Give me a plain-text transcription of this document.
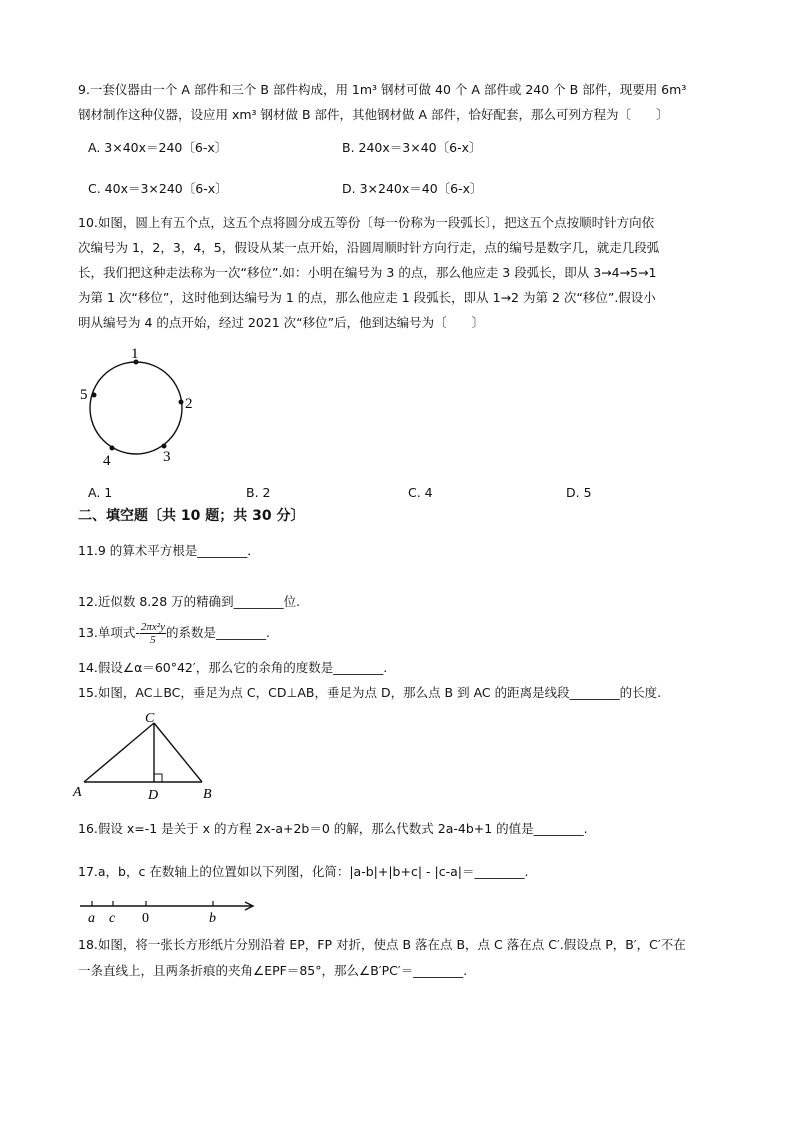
9.一套仪器由一个 A 部件和三个 B 部件构成，用 1m³ 钢材可做 40 个 A 部件或 240 个 B 部件，现要用 6m³
钢材制作这种仪器，设应用 xm³ 钢材做 B 部件，其他钢材做 A 部件，恰好配套，那么可列方程为〔　　〕
A. 3×40x＝240〔6-x〕	B. 240x＝3×40〔6-x〕
C. 40x＝3×240〔6-x〕	D. 3×240x＝40〔6-x〕
10.如图，圆上有五个点，这五个点将圆分成五等份〔每一份称为一段弧长〕，把这五个点按顺时针方向依
次编号为 1，2，3，4，5，假设从某一点开始，沿圆周顺时针方向行走，点的编号是数字几，就走几段弧
长，我们把这种走法称为一次“移位”.如：小明在编号为 3 的点，那么他应走 3 段弧长，即从 3→4→5→1
为第 1 次“移位”，这时他到达编号为 1 的点，那么他应走 1 段弧长，即从 1→2 为第 2 次“移位”.假设小
明从编号为 4 的点开始，经过 2021 次“移位”后，他到达编号为〔　　〕
1
2
3
4
5
A. 1	B. 2	C. 4	D. 5
二、填空题〔共 10 题；共 30 分〕
11.9 的算术平方根是________．
12.近似数 8.28 万的精确到________位.
13.单项式- $\frac{\text{2πx²y}}{5}$ 的系数是________.
14.假设∠α＝60°42′，那么它的余角的度数是________.
15.如图，AC⊥BC，垂足为点 C，CD⊥AB，垂足为点 D，那么点 B 到 AC 的距离是线段________的长度.
C
A	D	B
16.假设 x=-1 是关于 x 的方程 2x-a+2b＝0 的解，那么代数式 2a-4b+1 的值是________.
17.a，b，c 在数轴上的位置如以下列图，化简：|a-b|+|b+c| - |c-a|＝________.
a c 0	b
18.如图，将一张长方形纸片分别沿着 EP，FP 对折，使点 B 落在点 B，点 C 落在点 C′.假设点 P，B′，C′不在
一条直线上，且两条折痕的夹角∠EPF＝85°，那么∠B′PC′＝________.
